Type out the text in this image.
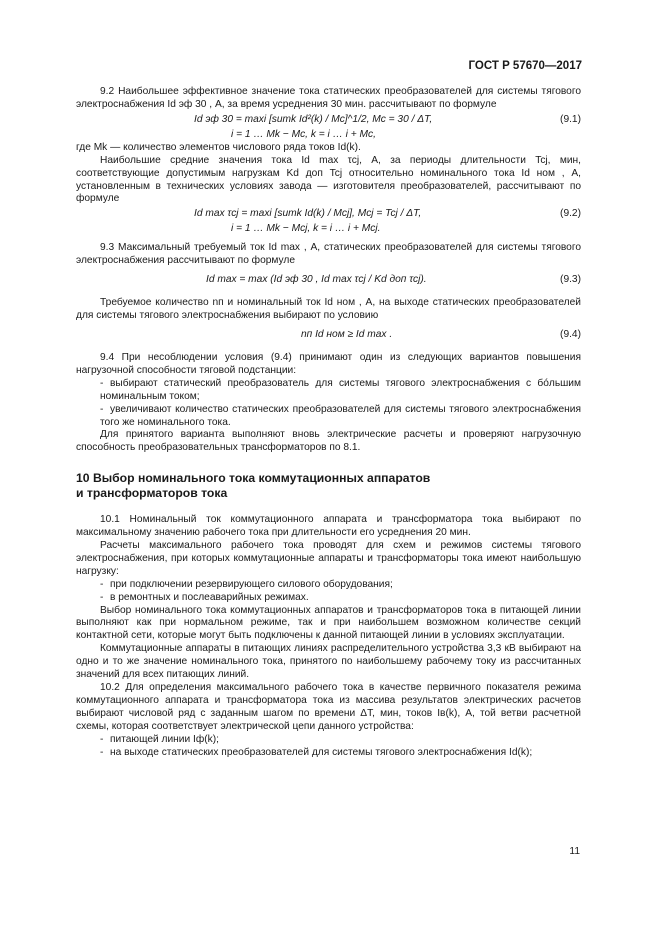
ГОСТ Р 57670—2017

9.2 Наибольшее эффективное значение тока статических преобразователей для системы тягового электроснабжения Id эф 30 , А, за время усреднения 30 мин. рассчитывают по формуле

Id эф 30 = maxi [sumk Id²(k) / Mc]^1/2, Mc = 30 / ΔT,	(9.1)
i = 1 … Mk − Mc, k = i … i + Mc,

где Mk — количество элементов числового ряда токов Id(k).

Наибольшие средние значения тока Id max τcj, А, за периоды длительности Tcj, мин, соответствующие допустимым нагрузкам Kd доп Tcj относительно номинального тока Id ном , А, установленным в технических условиях завода — изготовителя преобразователей, рассчитывают по формуле

Id max τcj = maxi [sumk Id(k) / Mcj], Mcj = Tcj / ΔT,	(9.2)
i = 1 … Mk − Mcj, k = i … i + Mcj.

9.3 Максимальный требуемый ток Id max , А, статических преобразователей для системы тягового электроснабжения рассчитывают по формуле

Id max = max (Id эф 30 , Id max τcj / Kd доп τcj).	(9.3)

Требуемое количество nп и номинальный ток Id ном , А, на выходе статических преобразователей для системы тягового электроснабжения выбирают по условию

nп Id ном ≥ Id max .	(9.4)

9.4 При несоблюдении условия (9.4) принимают один из следующих вариантов повышения нагрузочной способности тяговой подстанции:

- выбирают статический преобразователь для системы тягового электроснабжения с бóльшим номинальным током;

- увеличивают количество статических преобразователей для системы тягового электроснабжения того же номинального тока.

Для принятого варианта выполняют вновь электрические расчеты и проверяют нагрузочную способность преобразовательных трансформаторов по 8.1.

10 Выбор номинального тока коммутационных аппаратов

и трансформаторов тока

10.1 Номинальный ток коммутационного аппарата и трансформатора тока выбирают по максимальному значению рабочего тока при длительности его усреднения 20 мин.

Расчеты максимального рабочего тока проводят для схем и режимов системы тягового электроснабжения, при которых коммутационные аппараты и трансформаторы тока имеют наибольшую нагрузку:

- при подключении резервирующего силового оборудования;

- в ремонтных и послеаварийных режимах.

Выбор номинального тока коммутационных аппаратов и трансформаторов тока в питающей линии выполняют как при нормальном режиме, так и при наибольшем возможном количестве секций контактной сети, которые могут быть подключены к данной питающей линии в условиях эксплуатации.

Коммутационные аппараты в питающих линиях распределительного устройства 3,3 кВ выбирают на одно и то же значение номинального тока, принятого по наибольшему рабочему току из рассчитанных значений для всех питающих линий.

10.2 Для определения максимального рабочего тока в качестве первичного показателя режима коммутационного аппарата и трансформатора тока из массива результатов электрических расчетов выбирают числовой ряд с заданным шагом по времени ΔT, мин, токов Iв(k), А, той ветви расчетной схемы, которая соответствует электрической цепи данного устройства:

- питающей линии Iф(k);

- на выходе статических преобразователей для системы тягового электроснабжения Id(k);

11
